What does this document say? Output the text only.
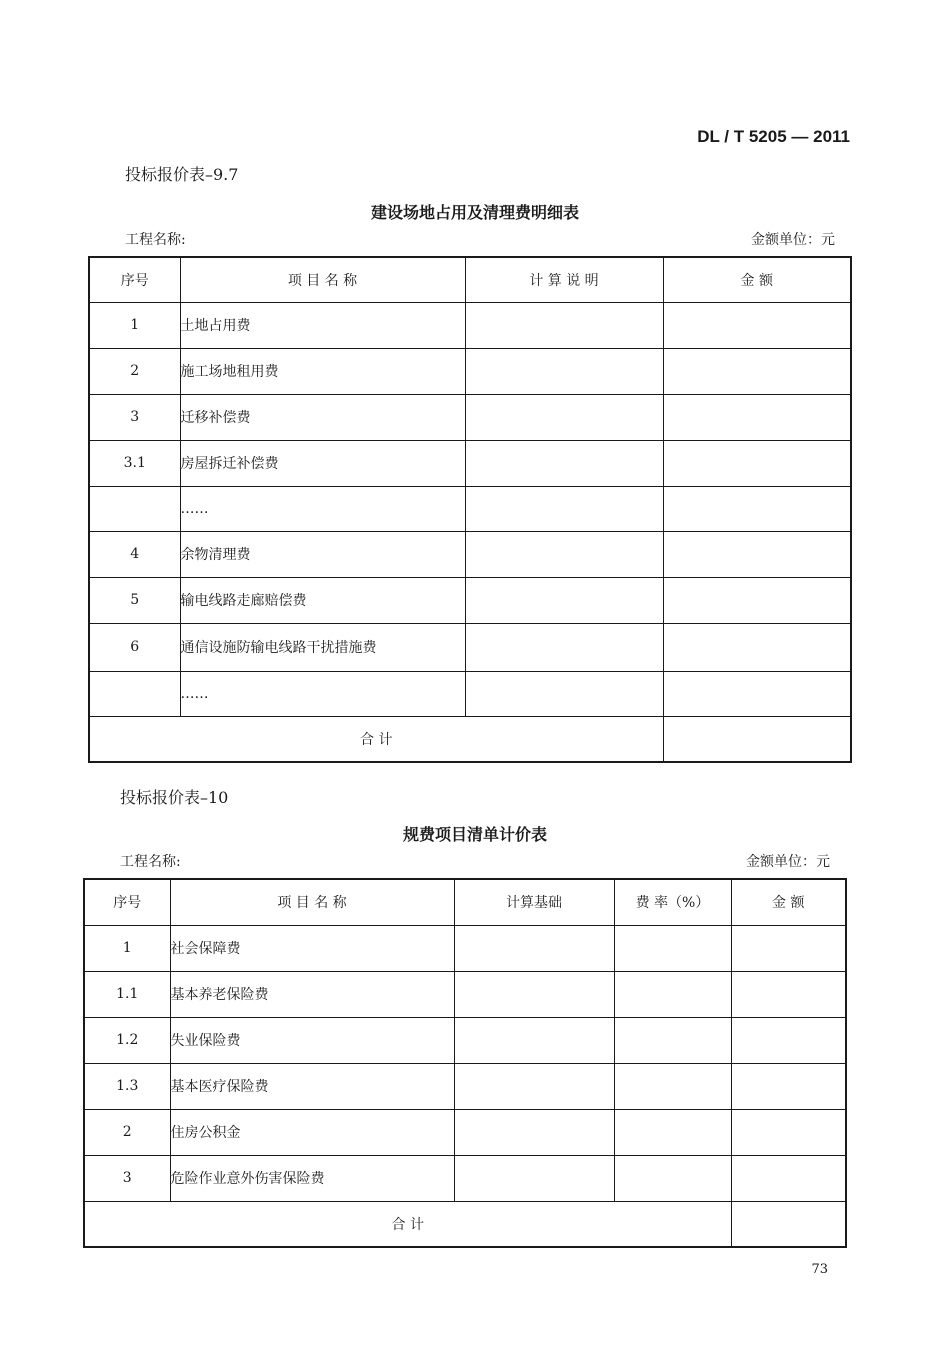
DL / T 5205 — 2011
投标报价表–9.7
建设场地占用及清理费明细表
工程名称:	金额单位：元
序号	项 目 名 称	计 算 说 明	金 额
1	土地占用费		
2	施工场地租用费		
3	迁移补偿费		
3.1	房屋拆迁补偿费		
	……		
4	余物清理费		
5	输电线路走廊赔偿费		
6	通信设施防输电线路干扰措施费		
	……		
合 计			
投标报价表–10
规费项目清单计价表
工程名称:	金额单位：元
序号	项 目 名 称	计算基础	费 率（%）	金 额
1	社会保障费			
1.1	基本养老保险费			
1.2	失业保险费			
1.3	基本医疗保险费			
2	住房公积金			
3	危险作业意外伤害保险费			
合 计				
73
